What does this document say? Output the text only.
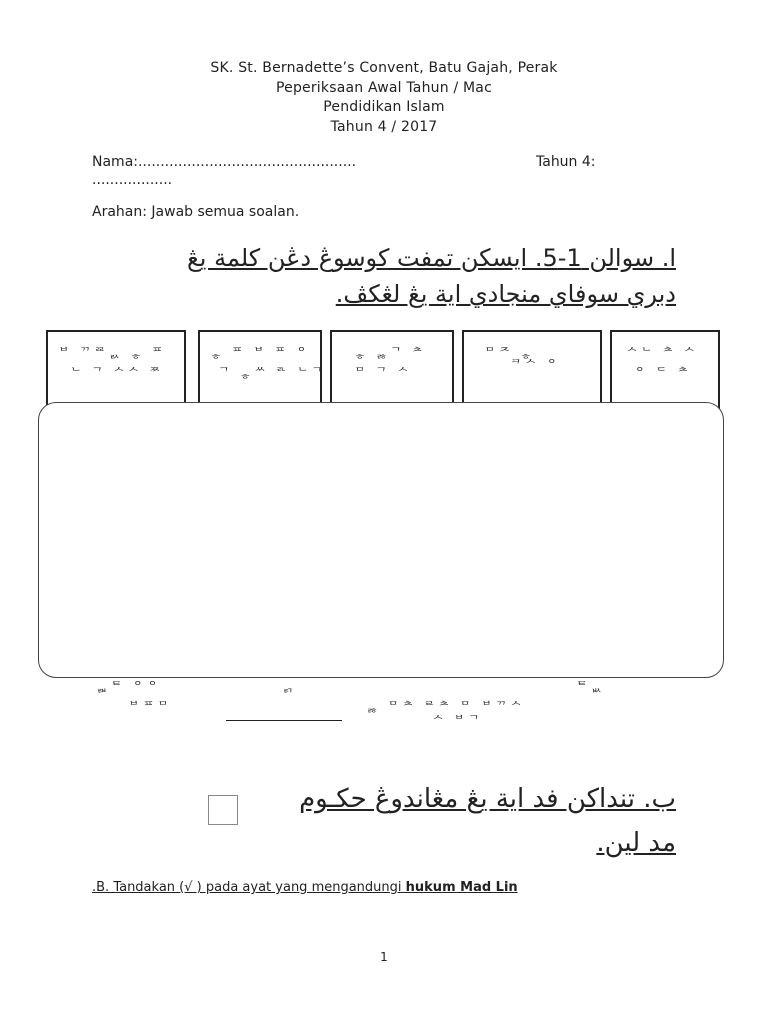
SK. St. Bernadette’s Convent, Batu Gajah, Perak
Peperiksaan Awal Tahun / Mac
Pendidikan Islam
Tahun 4 / 2017
Nama:.................................................	Tahun 4:
..................
Arahan: Jawab semua soalan.
ا. سوالن 1-5. ايسكن تمفت كوسوڠ دڠن كلمة يڠ
دبري سوفاي منجادي اية يڠ لڠكڤ.
ᄇ ᄁᄙᆳ ᇂ ᄑ
ᄂ ᄀ ᄉᄉ ᄍ
ᇂ ᄑ ᄇ ᄑ ᄋ
ᄀ ᇂᄊ ᄘ ᄂᄀ
ᇂ ᆶᄀ ᄎ
ᄆ ᄀ ᄉ
ᄆᄌ ᇂ
ᄏᄉ ᄋ
ᄉᄂ ᄎ ᄉ
ᄋ ᄃ ᄎ
ᆲᄐ ᄋᄋ	ᆰ	ᄐᆹ
ᄇᄑᄆ	ᆶ ᄆᄎ ᄅᄎ ᄆ ᄇᄁᄉ
ᄉ ᄇᄀ
ب. تنداكن فد اية يڠ مڠاندوڠ حكـوم
مد لين.
.B. Tandakan (√ ) pada ayat yang mengandungi hukum Mad Lin
1
